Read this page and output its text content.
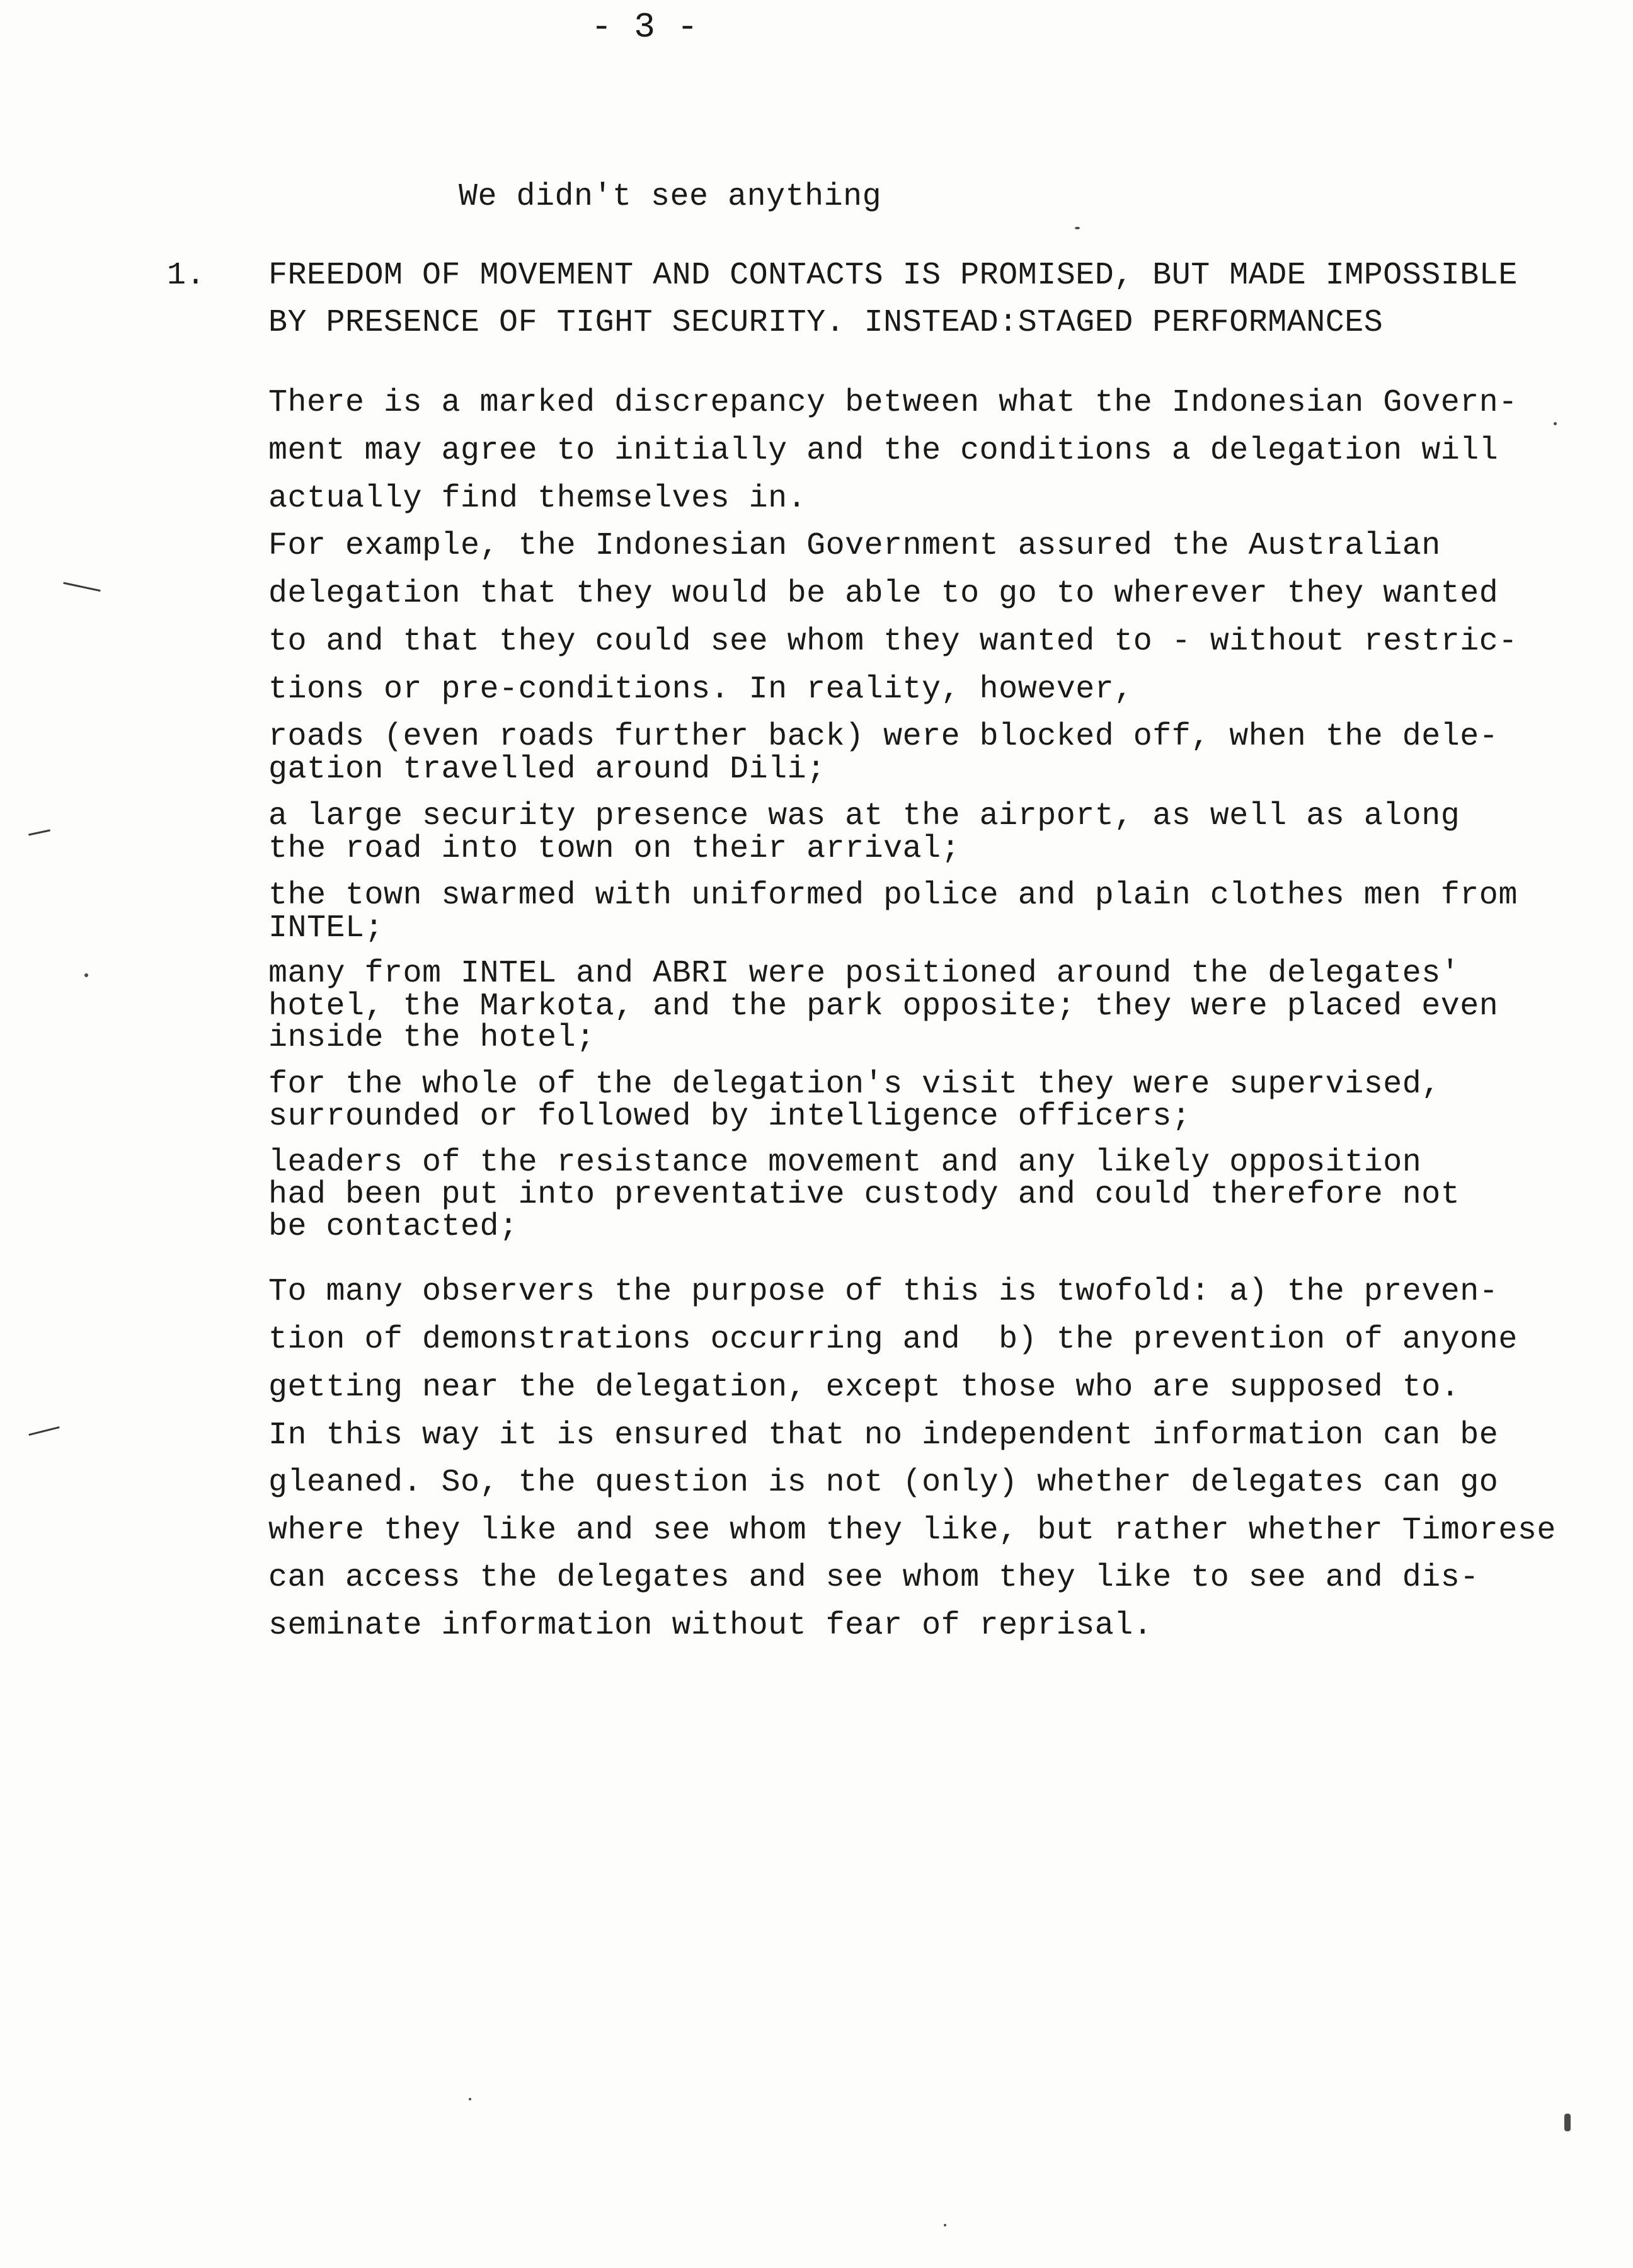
- 3 -
We didn't see anything
1. FREEDOM OF MOVEMENT AND CONTACTS IS PROMISED, BUT MADE IMPOSSIBLE
BY PRESENCE OF TIGHT SECURITY. INSTEAD:STAGED PERFORMANCES
There is a marked discrepancy between what the Indonesian Govern-
ment may agree to initially and the conditions a delegation will
actually find themselves in.
For example, the Indonesian Government assured the Australian
delegation that they would be able to go to wherever they wanted
to and that they could see whom they wanted to - without restric-
tions or pre-conditions. In reality, however,
roads (even roads further back) were blocked off, when the dele-
gation travelled around Dili;
a large security presence was at the airport, as well as along
the road into town on their arrival;
the town swarmed with uniformed police and plain clothes men from
INTEL;
many from INTEL and ABRI were positioned around the delegates'
hotel, the Markota, and the park opposite; they were placed even
inside the hotel;
for the whole of the delegation's visit they were supervised,
surrounded or followed by intelligence officers;
leaders of the resistance movement and any likely opposition
had been put into preventative custody and could therefore not
be contacted;
To many observers the purpose of this is twofold: a) the preven-
tion of demonstrations occurring and  b) the prevention of anyone
getting near the delegation, except those who are supposed to.
In this way it is ensured that no independent information can be
gleaned. So, the question is not (only) whether delegates can go
where they like and see whom they like, but rather whether Timorese
can access the delegates and see whom they like to see and dis-
seminate information without fear of reprisal.
